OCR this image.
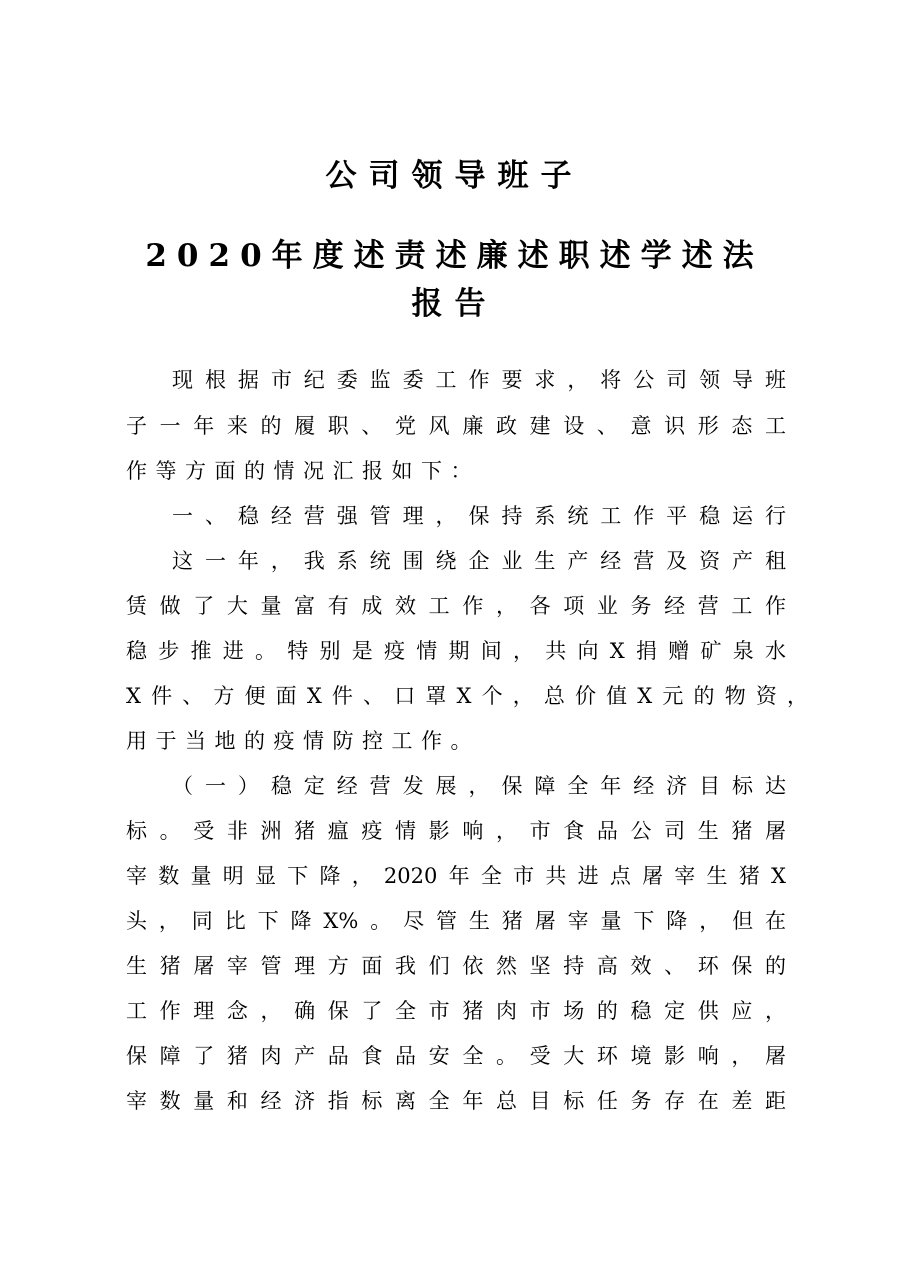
公司领导班子
2020年度述责述廉述职述学述法
报告
现根据市纪委监委工作要求，将公司领导班
子一年来的履职、党风廉政建设、意识形态工
作等方面的情况汇报如下：
一、稳经营强管理，保持系统工作平稳运行
这一年，我系统围绕企业生产经营及资产租
赁做了大量富有成效工作，各项业务经营工作
稳步推进。特别是疫情期间，共向X捐赠矿泉水
X件、方便面X件、口罩X个，总价值X元的物资，
用于当地的疫情防控工作。
（一）稳定经营发展，保障全年经济目标达
标。受非洲猪瘟疫情影响，市食品公司生猪屠
宰数量明显下降，2020年全市共进点屠宰生猪X
头，同比下降X%。尽管生猪屠宰量下降，但在
生猪屠宰管理方面我们依然坚持高效、环保的
工作理念，确保了全市猪肉市场的稳定供应，
保障了猪肉产品食品安全。受大环境影响，屠
宰数量和经济指标离全年总目标任务存在差距
